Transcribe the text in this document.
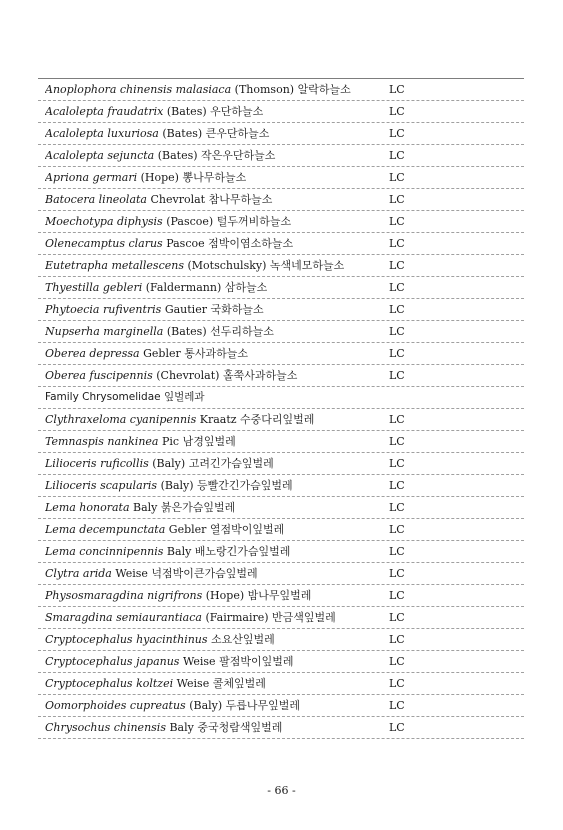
Anoplophora chinensis malasiaca (Thomson) 알락하늘소	LC
Acalolepta fraudatrix (Bates) 우단하늘소	LC
Acalolepta luxuriosa (Bates) 큰우단하늘소	LC
Acalolepta sejuncta (Bates) 작은우단하늘소	LC
Apriona germari (Hope) 뽕나무하늘소	LC
Batocera lineolata Chevrolat 참나무하늘소	LC
Moechotypa diphysis (Pascoe) 털두꺼비하늘소	LC
Olenecamptus clarus Pascoe 점박이염소하늘소	LC
Eutetrapha metallescens (Motschulsky) 녹색네모하늘소	LC
Thyestilla gebleri (Faldermann) 삼하늘소	LC
Phytoecia rufiventris Gautier 국화하늘소	LC
Nupserha marginella (Bates) 선두리하늘소	LC
Oberea depressa Gebler 통사과하늘소	LC
Oberea fuscipennis (Chevrolat) 홀쭉사과하늘소	LC
Family Chrysomelidae 잎벌레과
Clythraxeloma cyanipennis Kraatz 수중다리잎벌레	LC
Temnaspis nankinea Pic 남경잎벌레	LC
Lilioceris ruficollis (Baly) 고려긴가슴잎벌레	LC
Lilioceris scapularis (Baly) 등빨간긴가슴잎벌레	LC
Lema honorata Baly 붉은가슴잎벌레	LC
Lema decempunctata Gebler 열점박이잎벌레	LC
Lema concinnipennis Baly 배노랑긴가슴잎벌레	LC
Clytra arida Weise 넉점박이큰가슴잎벌레	LC
Physosmaragdina nigrifrons (Hope) 밤나무잎벌레	LC
Smaragdina semiaurantiaca (Fairmaire) 반금색잎벌레	LC
Cryptocephalus hyacinthinus 소요산잎벌레	LC
Cryptocephalus japanus Weise 팔점박이잎벌레	LC
Cryptocephalus koltzei Weise 콜체잎벌레	LC
Oomorphoides cupreatus (Baly) 두릅나무잎벌레	LC
Chrysochus chinensis Baly 중국청람색잎벌레	LC
- 66 -
